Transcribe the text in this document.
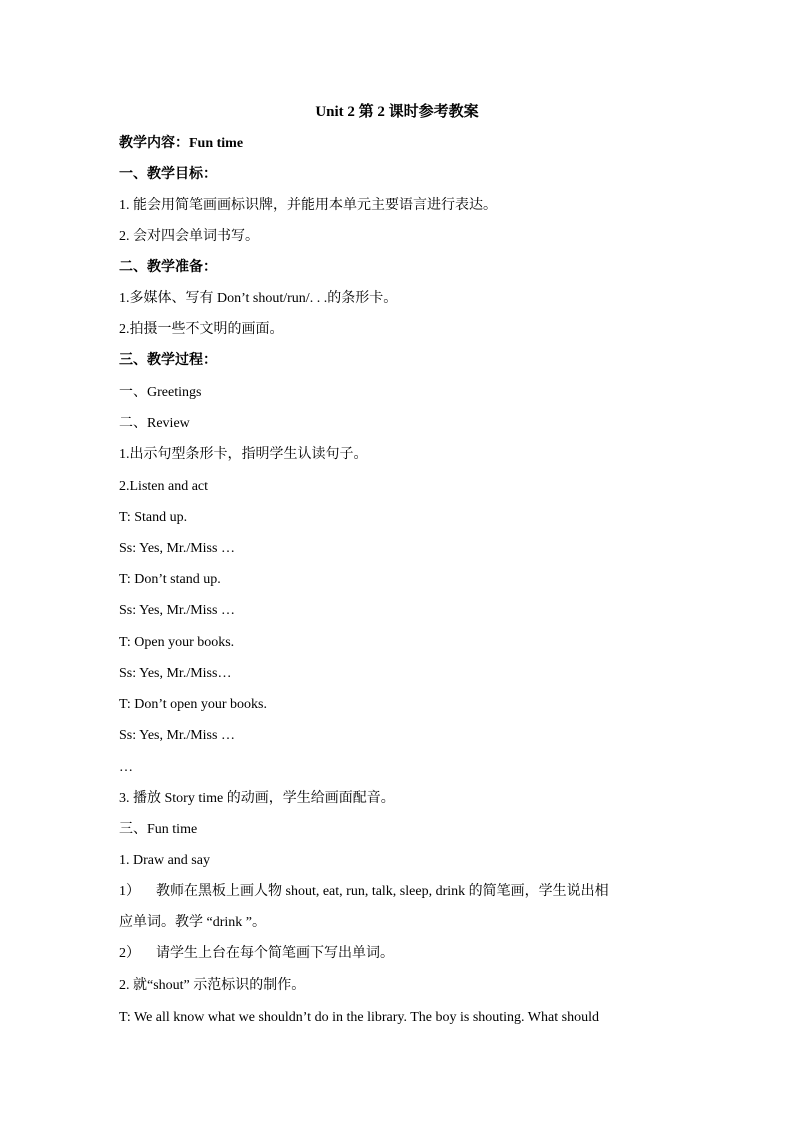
Unit 2 第 2 课时参考教案
教学内容：Fun time
一、教学目标：
1. 能会用简笔画画标识牌，并能用本单元主要语言进行表达。
2. 会对四会单词书写。
二、教学准备：
1.多媒体、写有 Don’t shout/run/. . .的条形卡。
2.拍摄一些不文明的画面。
三、教学过程：
一、Greetings
二、Review
1.出示句型条形卡，指明学生认读句子。
2.Listen and act
T: Stand up.
Ss: Yes, Mr./Miss …
T: Don’t stand up.
Ss: Yes, Mr./Miss …
T: Open your books.
Ss: Yes, Mr./Miss…
T: Don’t open your books.
Ss: Yes, Mr./Miss …
…
3. 播放 Story time 的动画，学生给画面配音。
三、Fun time
1. Draw and say
1） 教师在黑板上画人物 shout, eat, run, talk, sleep, drink 的简笔画，学生说出相
应单词。教学 “drink ”。
2） 请学生上台在每个简笔画下写出单词。
2. 就“shout” 示范标识的制作。
T: We all know what we shouldn’t do in the library. The boy is shouting. What should
